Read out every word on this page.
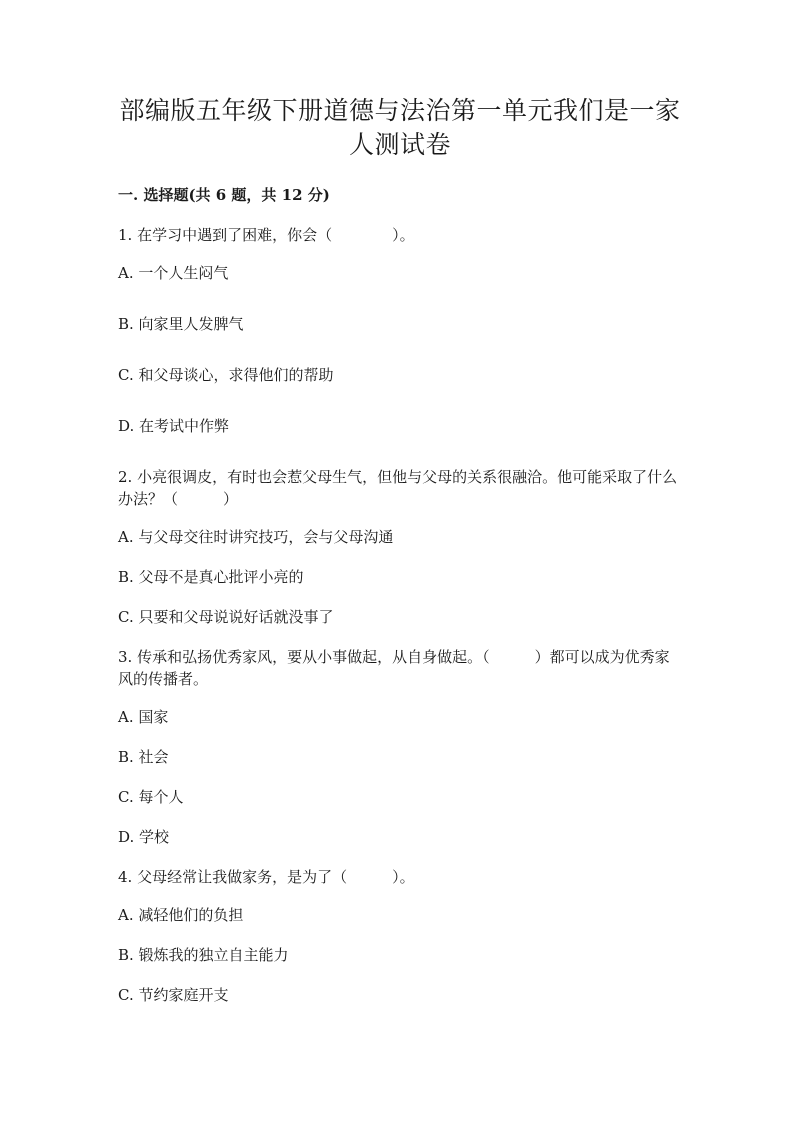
部编版五年级下册道德与法治第一单元我们是一家
人测试卷
一. 选择题(共 6 题，共 12 分)

1. 在学习中遇到了困难，你会（　　　　）。

A. 一个人生闷气
B. 向家里人发脾气
C. 和父母谈心，求得他们的帮助
D. 在考试中作弊

2. 小亮很调皮，有时也会惹父母生气，但他与父母的关系很融洽。他可能采取了什么办法？（　　　）

A. 与父母交往时讲究技巧，会与父母沟通
B. 父母不是真心批评小亮的
C. 只要和父母说说好话就没事了

3. 传承和弘扬优秀家风，要从小事做起，从自身做起。（　　　）都可以成为优秀家风的传播者。

A. 国家
B. 社会
C. 每个人
D. 学校

4. 父母经常让我做家务，是为了（　　　）。

A. 减轻他们的负担
B. 锻炼我的独立自主能力
C. 节约家庭开支
